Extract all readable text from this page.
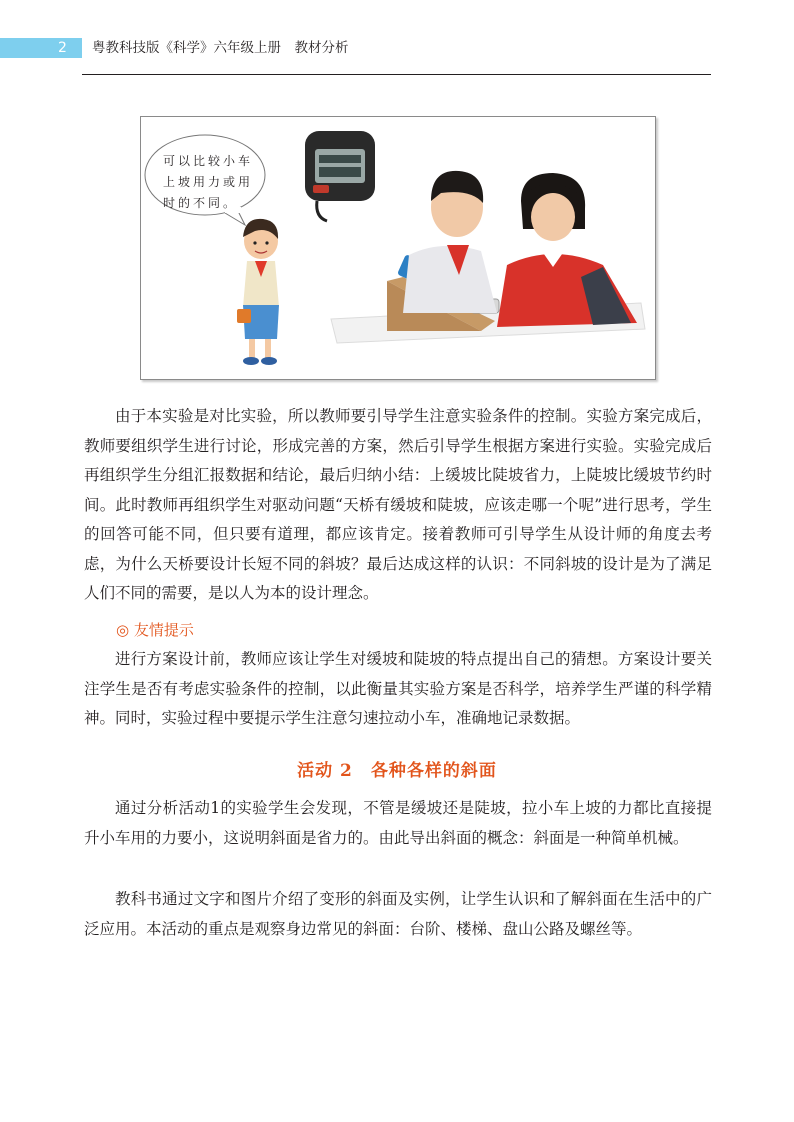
2 粤教科技版《科学》六年级上册　教材分析
可以比较小车上坡用力或用时的不同。

由于本实验是对比实验，所以教师要引导学生注意实验条件的控制。实验方案完成后，教师要组织学生进行讨论，形成完善的方案，然后引导学生根据方案进行实验。实验完成后再组织学生分组汇报数据和结论，最后归纳小结：上缓坡比陡坡省力，上陡坡比缓坡节约时间。此时教师再组织学生对驱动问题“天桥有缓坡和陡坡，应该走哪一个呢”进行思考，学生的回答可能不同，但只要有道理，都应该肯定。接着教师可引导学生从设计师的角度去考虑，为什么天桥要设计长短不同的斜坡？最后达成这样的认识：不同斜坡的设计是为了满足人们不同的需要，是以人为本的设计理念。

◎ 友情提示

进行方案设计前，教师应该让学生对缓坡和陡坡的特点提出自己的猜想。方案设计要关注学生是否有考虑实验条件的控制，以此衡量其实验方案是否科学，培养学生严谨的科学精神。同时，实验过程中要提示学生注意匀速拉动小车，准确地记录数据。

活动 2　各种各样的斜面

通过分析活动1的实验学生会发现，不管是缓坡还是陡坡，拉小车上坡的力都比直接提升小车用的力要小，这说明斜面是省力的。由此导出斜面的概念：斜面是一种简单机械。

教科书通过文字和图片介绍了变形的斜面及实例，让学生认识和了解斜面在生活中的广泛应用。本活动的重点是观察身边常见的斜面：台阶、楼梯、盘山公路及螺丝等。
